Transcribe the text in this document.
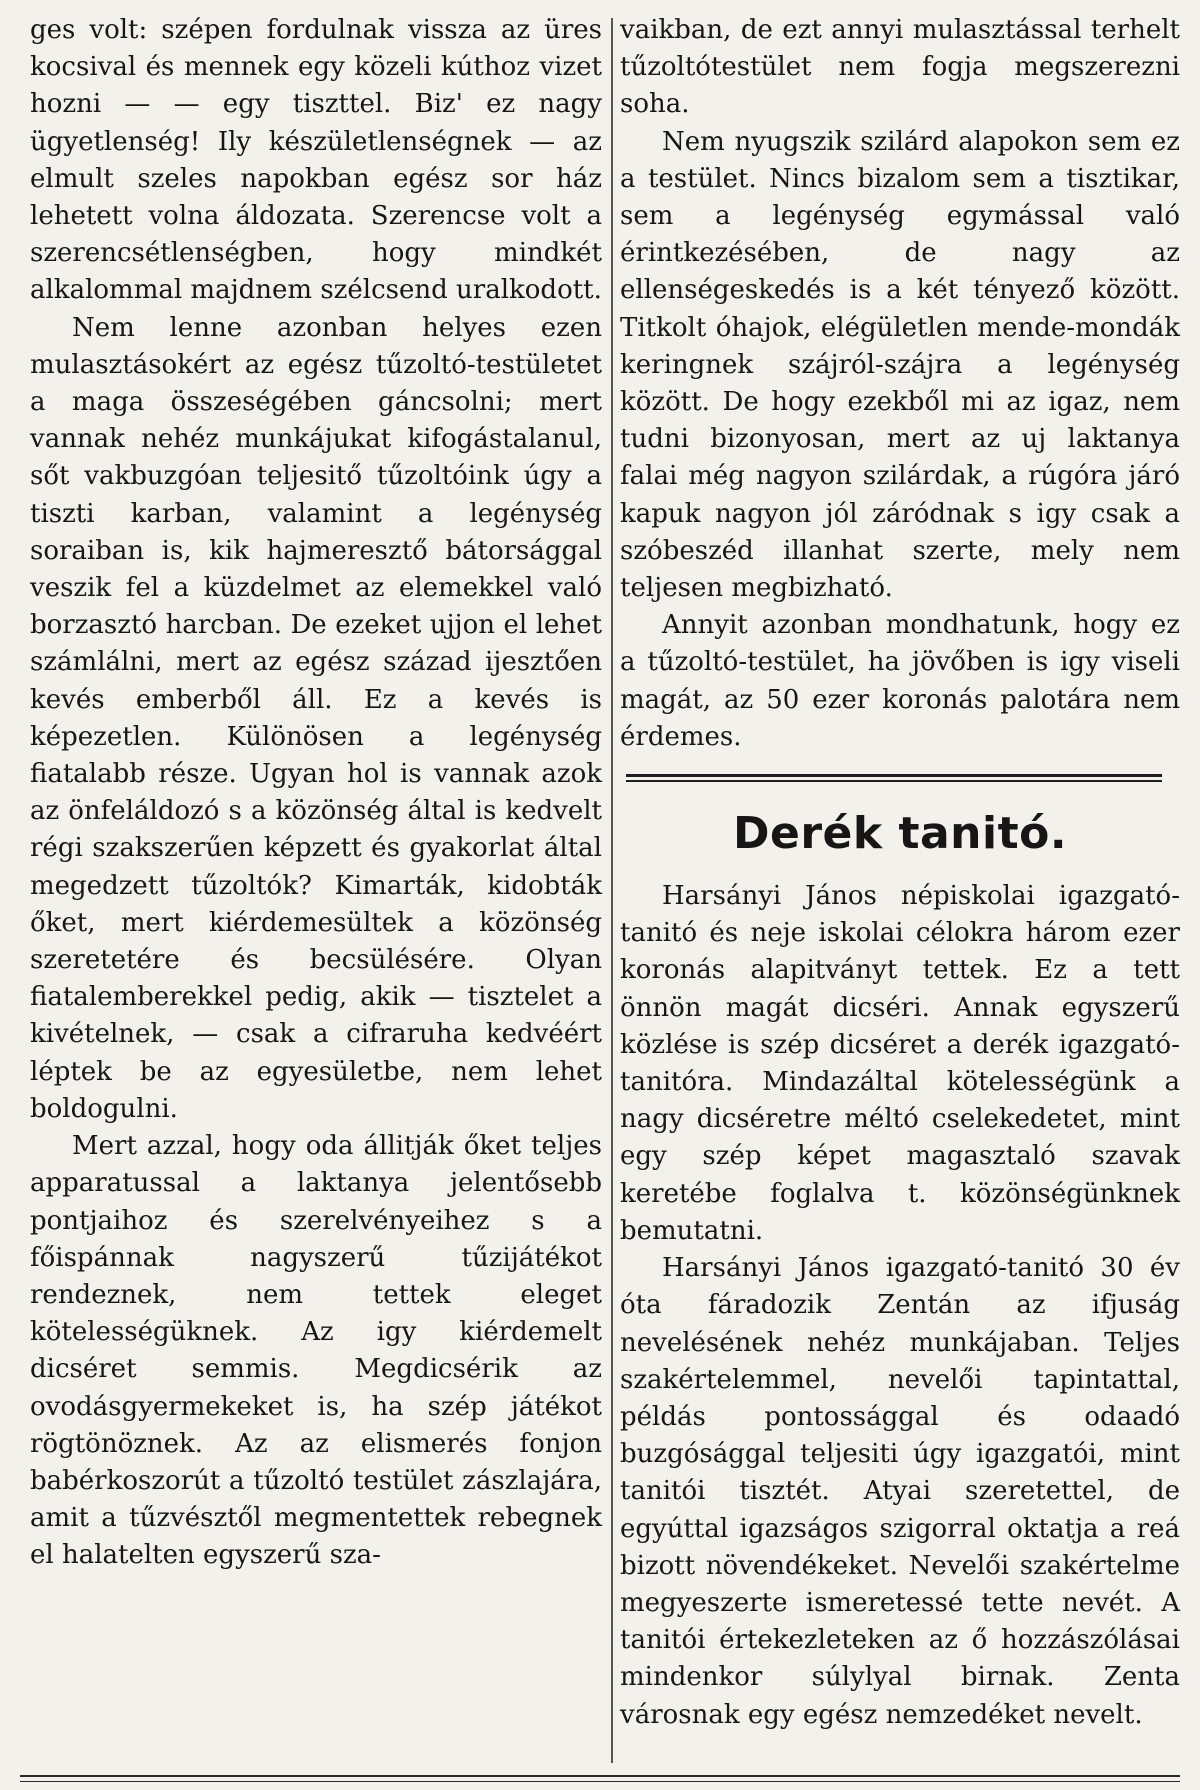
ges volt: szépen fordulnak vissza az üres kocsival és mennek egy közeli kúthoz vizet hozni — — egy tiszttel. Biz' ez nagy ügyetlenség! Ily készületlenségnek — az elmult szeles napokban egész sor ház lehetett volna áldozata. Szerencse volt a szerencsétlenségben, hogy mindkét alkalommal majdnem szélcsend uralkodott.

Nem lenne azonban helyes ezen mulasztásokért az egész tűzoltó-testületet a maga összeségében gáncsolni; mert vannak nehéz munkájukat kifogástalanul, sőt vakbuzgóan teljesitő tűzoltóink úgy a tiszti karban, valamint a legénység soraiban is, kik hajmeresztő bátorsággal veszik fel a küzdelmet az elemekkel való borzasztó harcban. De ezeket ujjon el lehet számlálni, mert az egész század ijesztően kevés emberből áll. Ez a kevés is képezetlen. Különösen a legénység fiatalabb része. Ugyan hol is vannak azok az önfeláldozó s a közönség által is kedvelt régi szakszerűen képzett és gyakorlat által megedzett tűzoltók? Kimarták, kidobták őket, mert kiérdemesültek a közönség szeretetére és becsülésére. Olyan fiatalemberekkel pedig, akik — tisztelet a kivételnek, — csak a cifraruha kedvéért léptek be az egyesületbe, nem lehet boldogulni.

Mert azzal, hogy oda állitják őket teljes apparatussal a laktanya jelentősebb pontjaihoz és szerelvényeihez s a főispánnak nagyszerű tűzijátékot rendeznek, nem tettek eleget kötelességüknek. Az igy kiérdemelt dicséret semmis. Megdicsérik az ovodásgyermekeket is, ha szép játékot rögtönöznek. Az az elismerés fonjon babérkoszorút a tűzoltó testület zászlajára, amit a tűzvésztől megmentettek rebegnek el halatelten egyszerű sza-

vaikban, de ezt annyi mulasztással terhelt tűzoltótestület nem fogja megszerezni soha.

Nem nyugszik szilárd alapokon sem ez a testület. Nincs bizalom sem a tisztikar, sem a legénység egymással való érintkezésében, de nagy az ellenségeskedés is a két tényező között. Titkolt óhajok, elégületlen mende-mondák keringnek szájról-szájra a legénység között. De hogy ezekből mi az igaz, nem tudni bizonyosan, mert az uj laktanya falai még nagyon szilárdak, a rúgóra járó kapuk nagyon jól záródnak s igy csak a szóbeszéd illanhat szerte, mely nem teljesen megbizható.

Annyit azonban mondhatunk, hogy ez a tűzoltó-testület, ha jövőben is igy viseli magát, az 50 ezer koronás palotára nem érdemes.

Derék tanitó.

Harsányi János népiskolai igazgató-tanitó és neje iskolai célokra három ezer koronás alapitványt tettek. Ez a tett önnön magát dicséri. Annak egyszerű közlése is szép dicséret a derék igazgató-tanitóra. Mindazáltal kötelességünk a nagy dicséretre méltó cselekedetet, mint egy szép képet magasztaló szavak keretébe foglalva t. közönségünknek bemutatni.

Harsányi János igazgató-tanitó 30 év óta fáradozik Zentán az ifjuság nevelésének nehéz munkájaban. Teljes szakértelemmel, nevelői tapintattal, példás pontossággal és odaadó buzgósággal teljesiti úgy igazgatói, mint tanitói tisztét. Atyai szeretettel, de egyúttal igazságos szigorral oktatja a reá bizott növendékeket. Nevelői szakértelme megyeszerte ismeretessé tette nevét. A tanitói értekezleteken az ő hozzászólásai mindenkor súlylyal birnak. Zenta városnak egy egész nemzedéket nevelt.
